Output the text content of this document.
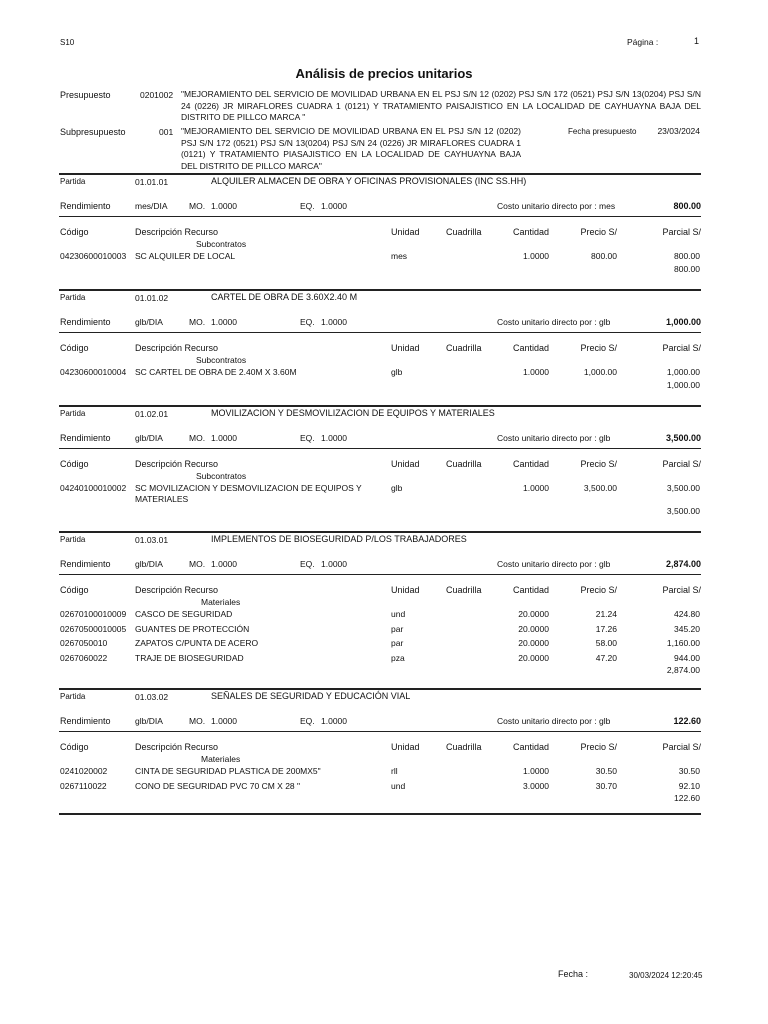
S10	Página :	1
Análisis de precios unitarios
Presupuesto	0201002 "MEJORAMIENTO DEL SERVICIO DE MOVILIDAD URBANA EN EL PSJ S/N 12 (0202) PSJ S/N 172 (0521) PSJ S/N 13(0204) PSJ S/N 24 (0226) JR MIRAFLORES CUADRA 1 (0121) Y TRATAMIENTO PAISAJISTICO EN LA LOCALIDAD DE CAYHUAYNA BAJA DEL DISTRITO DE PILLCO MARCA "
Subpresupuesto	001 "MEJORAMIENTO DEL SERVICIO DE MOVILIDAD URBANA EN EL PSJ S/N 12 (0202) PSJ S/N 172 (0521) PSJ S/N 13(0204) PSJ S/N 24 (0226) JR MIRAFLORES CUADRA 1 (0121) Y TRATAMIENTO PIASAJISTICO EN LA LOCALIDAD DE CAYHUAYNA BAJA DEL DISTRITO DE PILLCO MARCA"
Fecha presupuesto	23/03/2024
Partida	01.01.01	ALQUILER ALMACEN DE OBRA Y OFICINAS PROVISIONALES (INC SS.HH)
Rendimiento	mes/DIA	MO. 1.0000	EQ. 1.0000	Costo unitario directo por : mes	800.00
Código	Descripción Recurso	Unidad	Cuadrilla	Cantidad	Precio S/	Parcial S/
Subcontratos
04230600010003 SC ALQUILER DE LOCAL	mes	1.0000	800.00	800.00
800.00
Partida	01.01.02	CARTEL DE OBRA DE 3.60X2.40 M
Rendimiento	glb/DIA	MO. 1.0000	EQ. 1.0000	Costo unitario directo por : glb	1,000.00
Código	Descripción Recurso	Unidad	Cuadrilla	Cantidad	Precio S/	Parcial S/
Subcontratos
04230600010004 SC CARTEL DE OBRA DE 2.40M X 3.60M	glb	1.0000	1,000.00	1,000.00
1,000.00
Partida	01.02.01	MOVILIZACION Y DESMOVILIZACION DE EQUIPOS Y MATERIALES
Rendimiento	glb/DIA	MO. 1.0000	EQ. 1.0000	Costo unitario directo por : glb	3,500.00
Código	Descripción Recurso	Unidad	Cuadrilla	Cantidad	Precio S/	Parcial S/
Subcontratos
04240100010002 SC MOVILIZACION Y DESMOVILIZACION DE EQUIPOS Y MATERIALES
glb	1.0000	3,500.00	3,500.00
3,500.00
Partida	01.03.01	IMPLEMENTOS DE BIOSEGURIDAD P/LOS TRABAJADORES
Rendimiento	glb/DIA	MO. 1.0000	EQ. 1.0000	Costo unitario directo por : glb	2,874.00
Código	Descripción Recurso	Unidad	Cuadrilla	Cantidad	Precio S/	Parcial S/
Materiales
02670100010009 CASCO DE SEGURIDAD	und	20.0000	21.24	424.80
02670500010005 GUANTES DE PROTECCIÓN	par	20.0000	17.26	345.20
0267050010	ZAPATOS C/PUNTA DE ACERO	par	20.0000	58.00	1,160.00
0267060022	TRAJE DE BIOSEGURIDAD	pza	20.0000	47.20	944.00
2,874.00
Partida	01.03.02	SEÑALES DE SEGURIDAD Y EDUCACIÓN VIAL
Rendimiento	glb/DIA	MO. 1.0000	EQ. 1.0000	Costo unitario directo por : glb	122.60
Código	Descripción Recurso	Unidad	Cuadrilla	Cantidad	Precio S/	Parcial S/
Materiales
0241020002	CINTA DE SEGURIDAD PLASTICA DE 200MX5"	rll	1.0000	30.50	30.50
0267110022	CONO DE SEGURIDAD PVC 70 CM X 28 "	und	3.0000	30.70	92.10
122.60
Fecha :	30/03/2024 12:20:45
